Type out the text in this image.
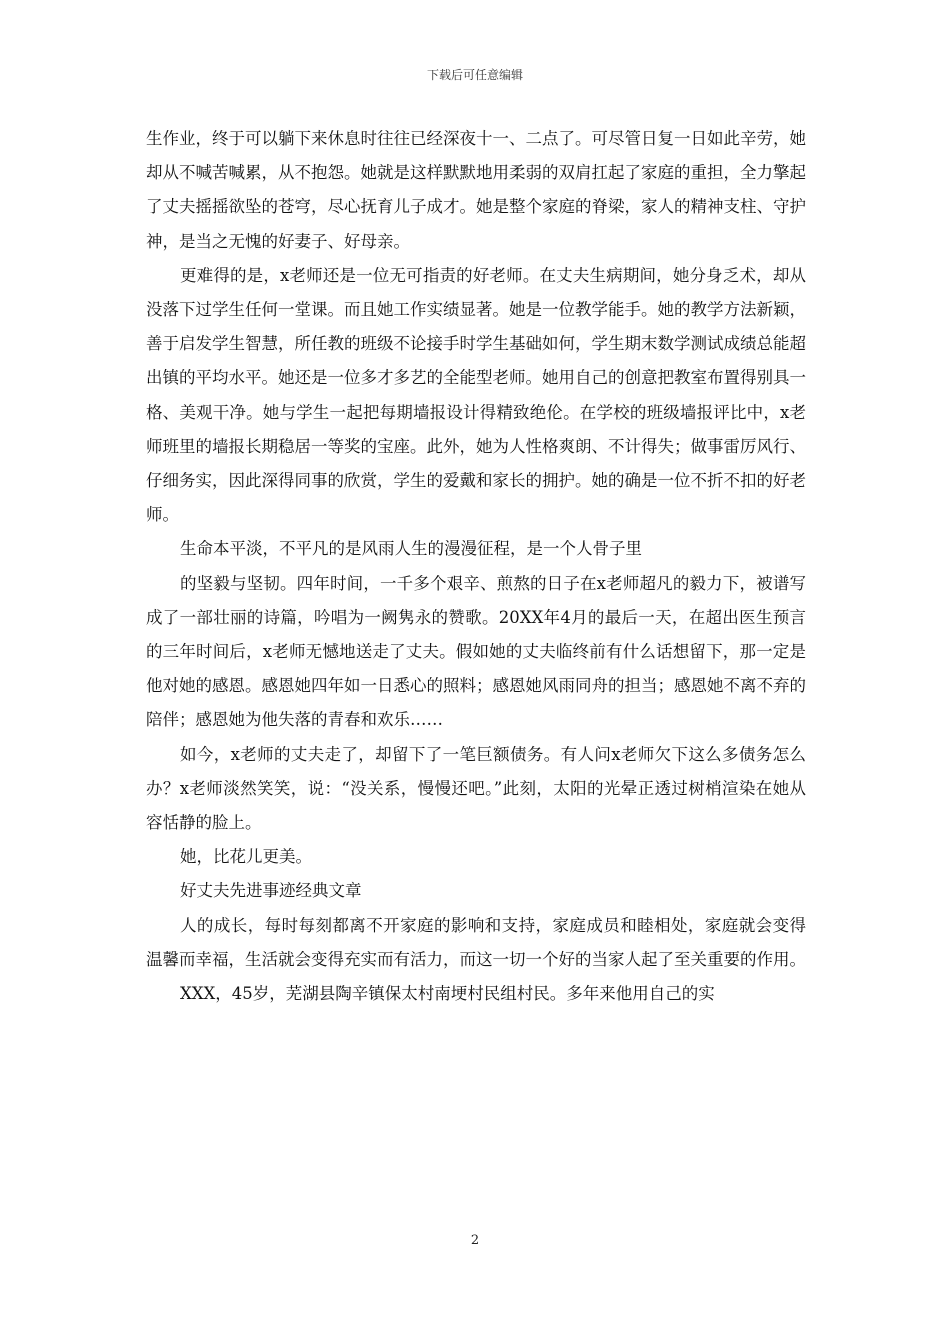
下载后可任意编辑

生作业，终于可以躺下来休息时往往已经深夜十一、二点了。可尽管日复一日如此辛劳，她却从不喊苦喊累，从不抱怨。她就是这样默默地用柔弱的双肩扛起了家庭的重担，全力擎起了丈夫摇摇欲坠的苍穹，尽心抚育儿子成才。她是整个家庭的脊梁，家人的精神支柱、守护神，是当之无愧的好妻子、好母亲。

更难得的是，x老师还是一位无可指责的好老师。在丈夫生病期间，她分身乏术，却从没落下过学生任何一堂课。而且她工作实绩显著。她是一位教学能手。她的教学方法新颖，善于启发学生智慧，所任教的班级不论接手时学生基础如何，学生期末数学测试成绩总能超出镇的平均水平。她还是一位多才多艺的全能型老师。她用自己的创意把教室布置得别具一格、美观干净。她与学生一起把每期墙报设计得精致绝伦。在学校的班级墙报评比中，x老师班里的墙报长期稳居一等奖的宝座。此外，她为人性格爽朗、不计得失；做事雷厉风行、仔细务实，因此深得同事的欣赏，学生的爱戴和家长的拥护。她的确是一位不折不扣的好老师。

生命本平淡，不平凡的是风雨人生的漫漫征程，是一个人骨子里

的坚毅与坚韧。四年时间，一千多个艰辛、煎熬的日子在x老师超凡的毅力下，被谱写成了一部壮丽的诗篇，吟唱为一阙隽永的赞歌。20XX年4月的最后一天，在超出医生预言的三年时间后，x老师无憾地送走了丈夫。假如她的丈夫临终前有什么话想留下，那一定是他对她的感恩。感恩她四年如一日悉心的照料；感恩她风雨同舟的担当；感恩她不离不弃的陪伴；感恩她为他失落的青春和欢乐……

如今，x老师的丈夫走了，却留下了一笔巨额债务。有人问x老师欠下这么多债务怎么办？x老师淡然笑笑，说：“没关系，慢慢还吧。”此刻，太阳的光晕正透过树梢渲染在她从容恬静的脸上。

她，比花儿更美。

好丈夫先进事迹经典文章

人的成长，每时每刻都离不开家庭的影响和支持，家庭成员和睦相处，家庭就会变得温馨而幸福，生活就会变得充实而有活力，而这一切一个好的当家人起了至关重要的作用。

XXX，45岁，芜湖县陶辛镇保太村南埂村民组村民。多年来他用自己的实

2
